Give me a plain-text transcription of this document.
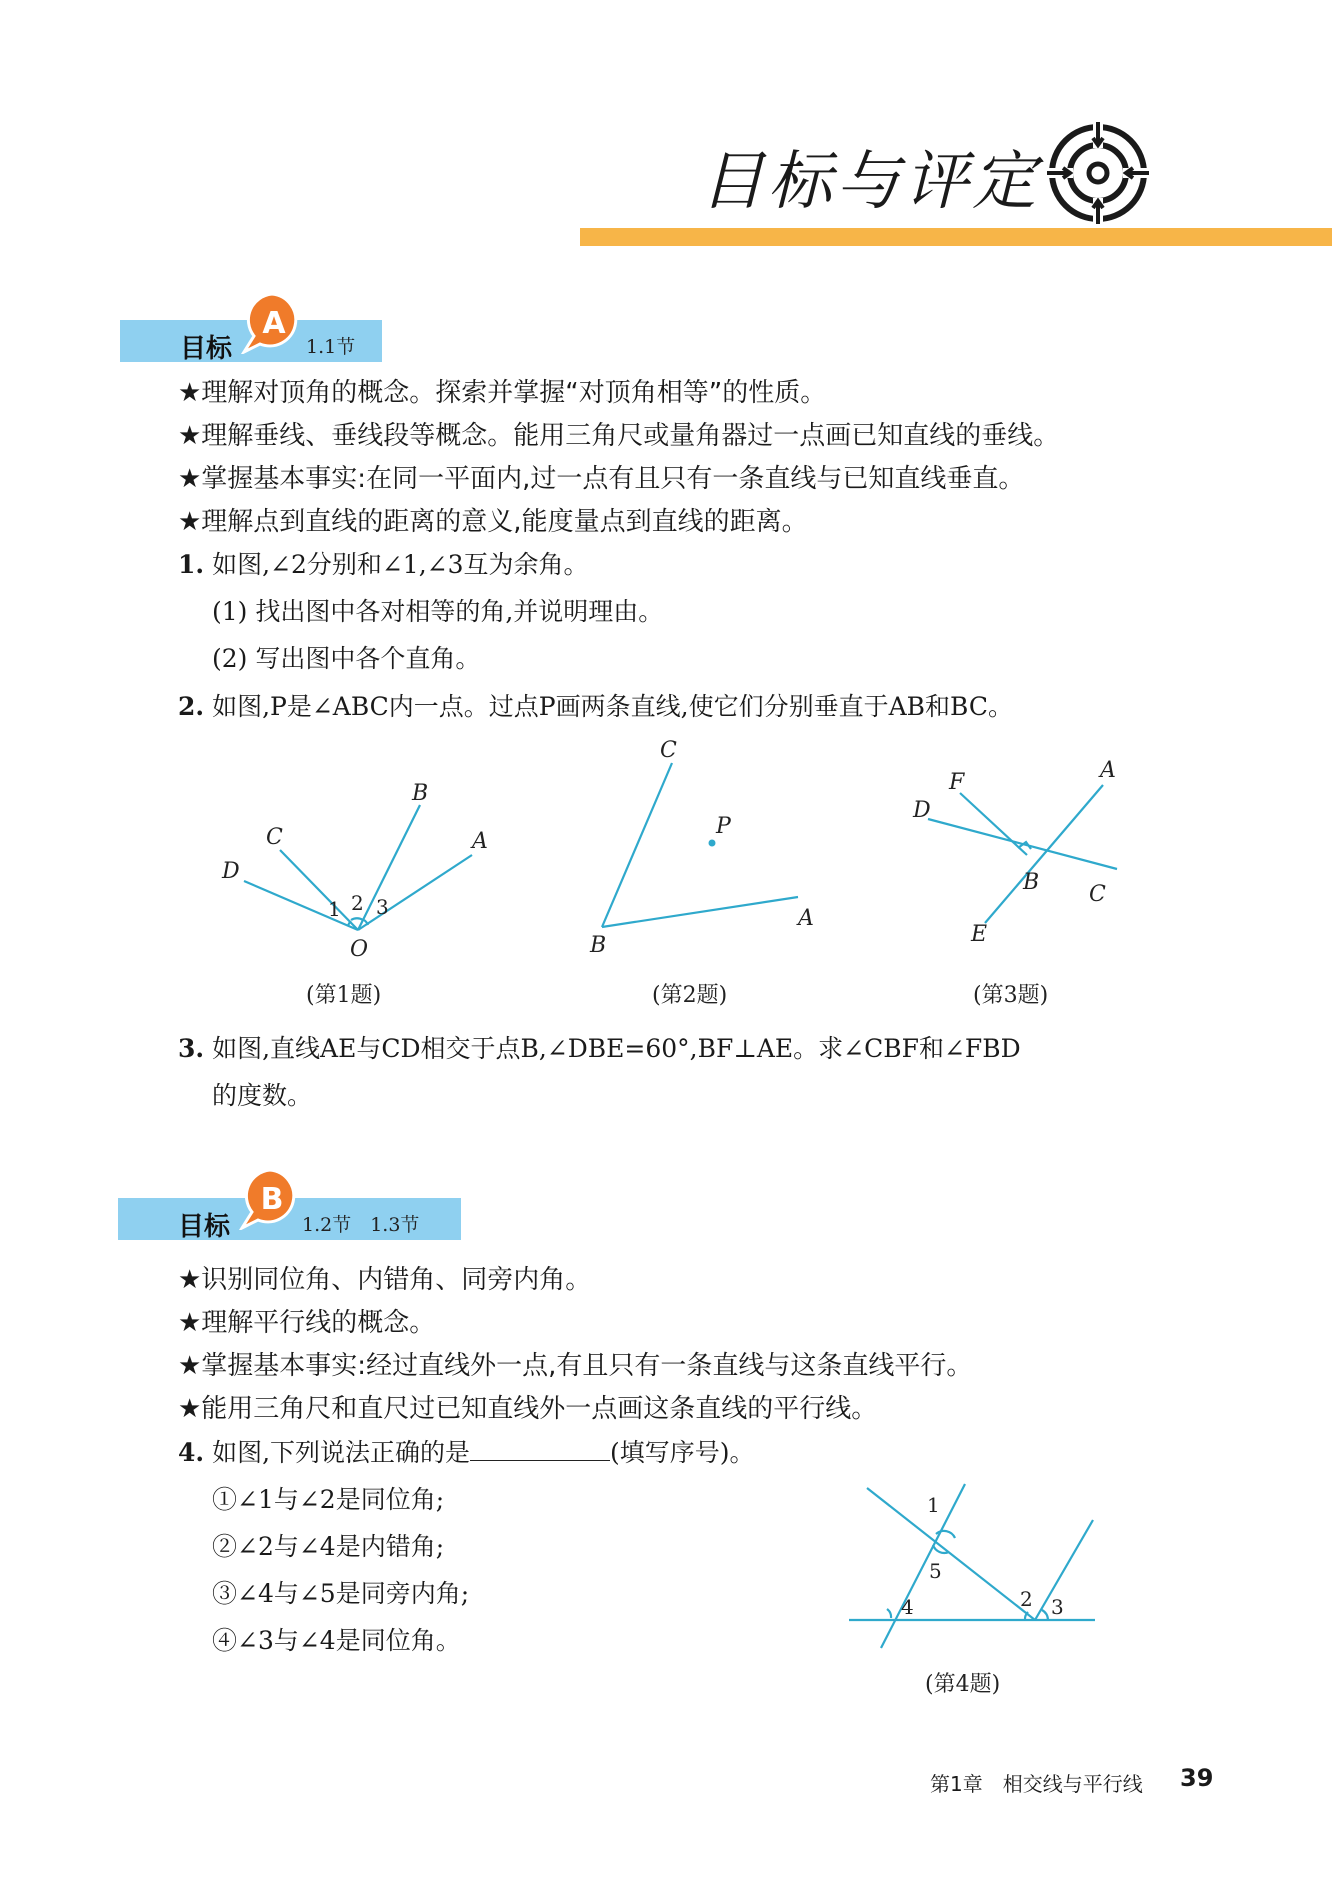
目标与评定
目标
A
1.1节
★理解对顶角的概念。探索并掌握“对顶角相等”的性质。
★理解垂线、垂线段等概念。能用三角尺或量角器过一点画已知直线的垂线。
★掌握基本事实:在同一平面内,过一点有且只有一条直线与已知直线垂直。
★理解点到直线的距离的意义,能度量点到直线的距离。
1. 如图,∠2分别和∠1,∠3互为余角。
(1) 找出图中各对相等的角,并说明理由。
(2) 写出图中各个直角。
2. 如图,P是∠ABC内一点。过点P画两条直线,使它们分别垂直于AB和BC。
C
B
A
D
O
1 2 3
(第1题)
C
P
A
B
(第2题)
A
F
D
B C
E
(第3题)
3. 如图,直线AE与CD相交于点B,∠DBE=60°,BF⊥AE。求∠CBF和∠FBD
的度数。
目标
B
1.2节　1.3节
★识别同位角、内错角、同旁内角。
★理解平行线的概念。
★掌握基本事实:经过直线外一点,有且只有一条直线与这条直线平行。
★能用三角尺和直尺过已知直线外一点画这条直线的平行线。
4. 如图,下列说法正确的是	(填写序号)。
①∠1与∠2是同位角;
②∠2与∠4是内错角;
③∠4与∠5是同旁内角;
④∠3与∠4是同位角。
1
5
4	2 3
(第4题)
第1章　相交线与平行线 39
